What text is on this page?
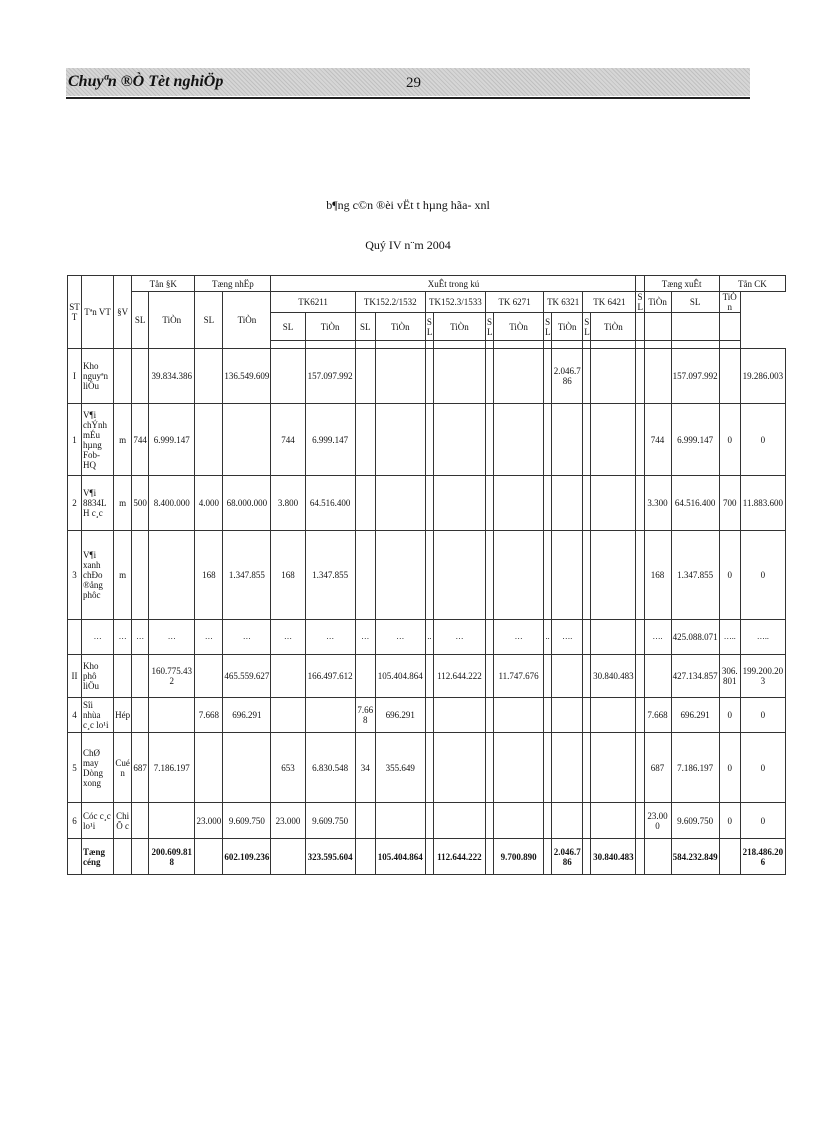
Chuyªn ®Ò Tèt nghiÖp	29
b¶ng c©n ®èi vËt t hµng hãa- xnl
Quý IV n¨m 2004
ST T	Tªn VT	§V	Tån §K		Tæng nhËp		XuÊt trong kú													Tæng xuÊt		Tån CK	
			SL	TiÒn	SL	TiÒn	TK6211		TK152.2/1532		TK152.3/1533		TK 6271		TK 6321		TK 6421		SL	TiÒn	SL	TiÒn	
							SL	TiÒn	SL	TiÒn	S L	TiÒn	S L	TiÒn	S L	TiÒn	S L	TiÒn					

I	Kho nguyªn liÖu			39.834.386		136.549.609		157.097.992								2.046.786					157.097.992		19.286.003
1	V¶i chÝnh mÉu hµng Fob-HQ	m	744	6.999.147			744	6.999.147												744	6.999.147	0	0
2	V¶i 8834LH c¸c	m	500	8.400.000	4.000	68.000.000	3.800	64.516.400												3.300	64.516.400	700	11.883.600
3	V¶i xanh chÐo ®ång phôc	m			168	1.347.855	168	1.347.855												168	1.347.855	0	0
	…	…	…	…	…	…	…	…	…	…	..	…		…	..	….				….	425.088.071	…..	…..
II	Kho phô liÖu			160.775.432		465.559.627		166.497.612		105.404.864		112.644.222		11.747.676				30.840.483			427.134.857	306.801	199.200.203
4	Sîi nhùa c¸c lo¹i	Hép			7.668	696.291			7.668	696.291										7.668	696.291	0	0
5	ChØ may Dòng xong	Cuén	687	7.186.197			653	6.830.548	34	355.649										687	7.186.197	0	0
6	Cóc c¸c lo¹i	ChiÕ c			23.000	9.609.750	23.000	9.609.750												23.000	9.609.750	0	0
	Tæng céng			200.609.818		602.109.236		323.595.604		105.404.864		112.644.222		9.700.890		2.046.786		30.840.483			584.232.849		218.486.206
